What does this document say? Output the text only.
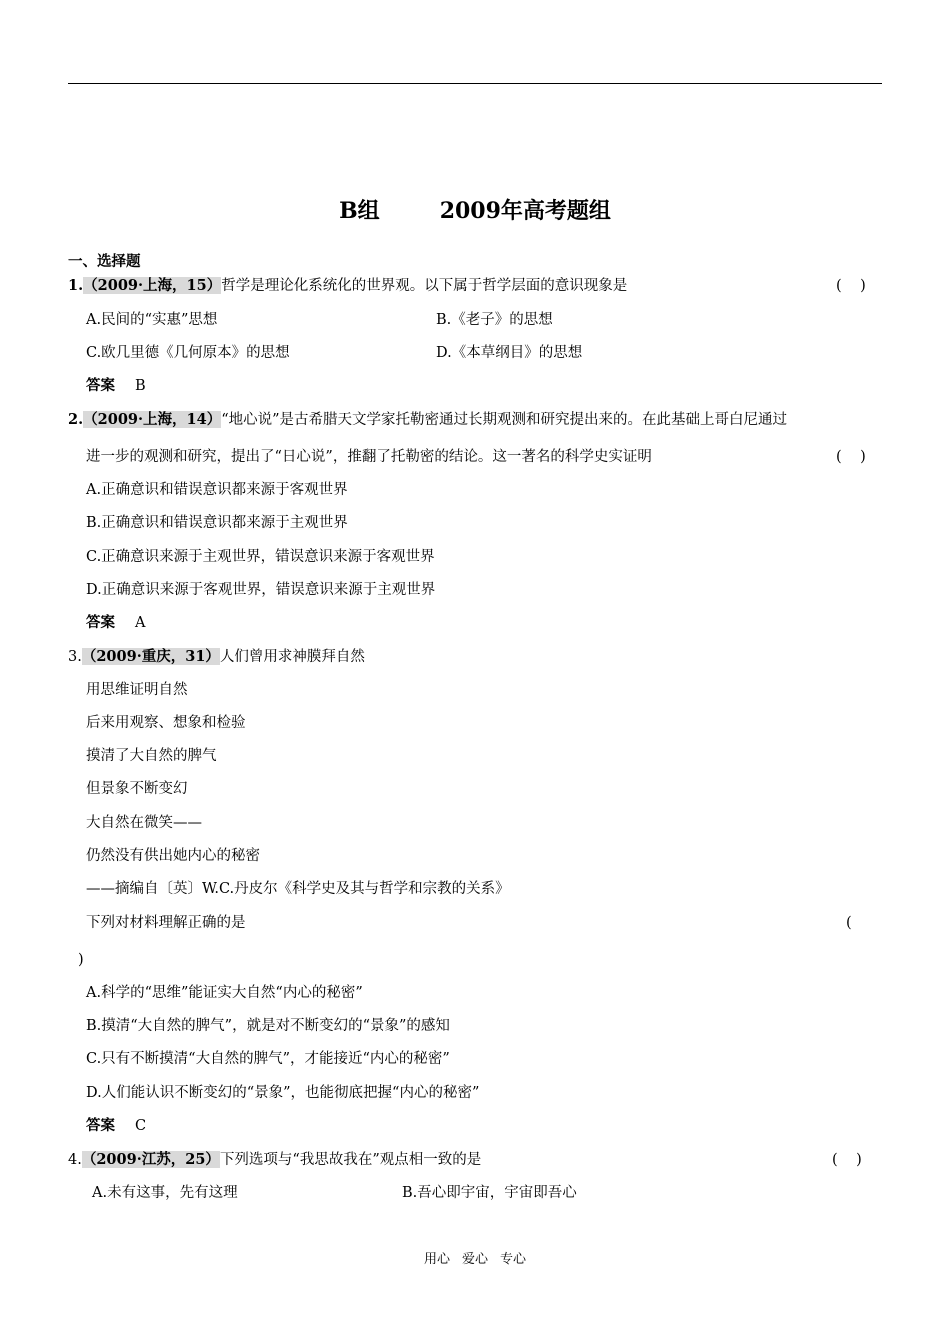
B组	2009年高考题组
一、选择题
1.（2009·上海，15）哲学是理论化系统化的世界观。以下属于哲学层面的意识现象是	(    )
A.民间的“实惠”思想	B.《老子》的思想
C.欧几里德《几何原本》的思想	D.《本草纲目》的思想
答案 B
2.（2009·上海，14）“地心说”是古希腊天文学家托勒密通过长期观测和研究提出来的。在此基础上哥白尼通过
进一步的观测和研究，提出了“日心说”，推翻了托勒密的结论。这一著名的科学史实证明	(    )
A.正确意识和错误意识都来源于客观世界
B.正确意识和错误意识都来源于主观世界
C.正确意识来源于主观世界，错误意识来源于客观世界
D.正确意识来源于客观世界，错误意识来源于主观世界
答案 A
3.（2009·重庆，31）人们曾用求神膜拜自然
用思维证明自然
后来用观察、想象和检验
摸清了大自然的脾气
但景象不断变幻
大自然在微笑——
仍然没有供出她内心的秘密
——摘编自〔英〕W.C.丹皮尔《科学史及其与哲学和宗教的关系》
下列对材料理解正确的是	(
)
A.科学的“思维”能证实大自然“内心的秘密”
B.摸清“大自然的脾气”，就是对不断变幻的“景象”的感知
C.只有不断摸清“大自然的脾气”，才能接近“内心的秘密”
D.人们能认识不断变幻的“景象”，也能彻底把握“内心的秘密”
答案 C
4.（2009·江苏，25）下列选项与“我思故我在”观点相一致的是	(    )
A.未有这事，先有这理	B.吾心即宇宙，宇宙即吾心
用心 爱心 专心
